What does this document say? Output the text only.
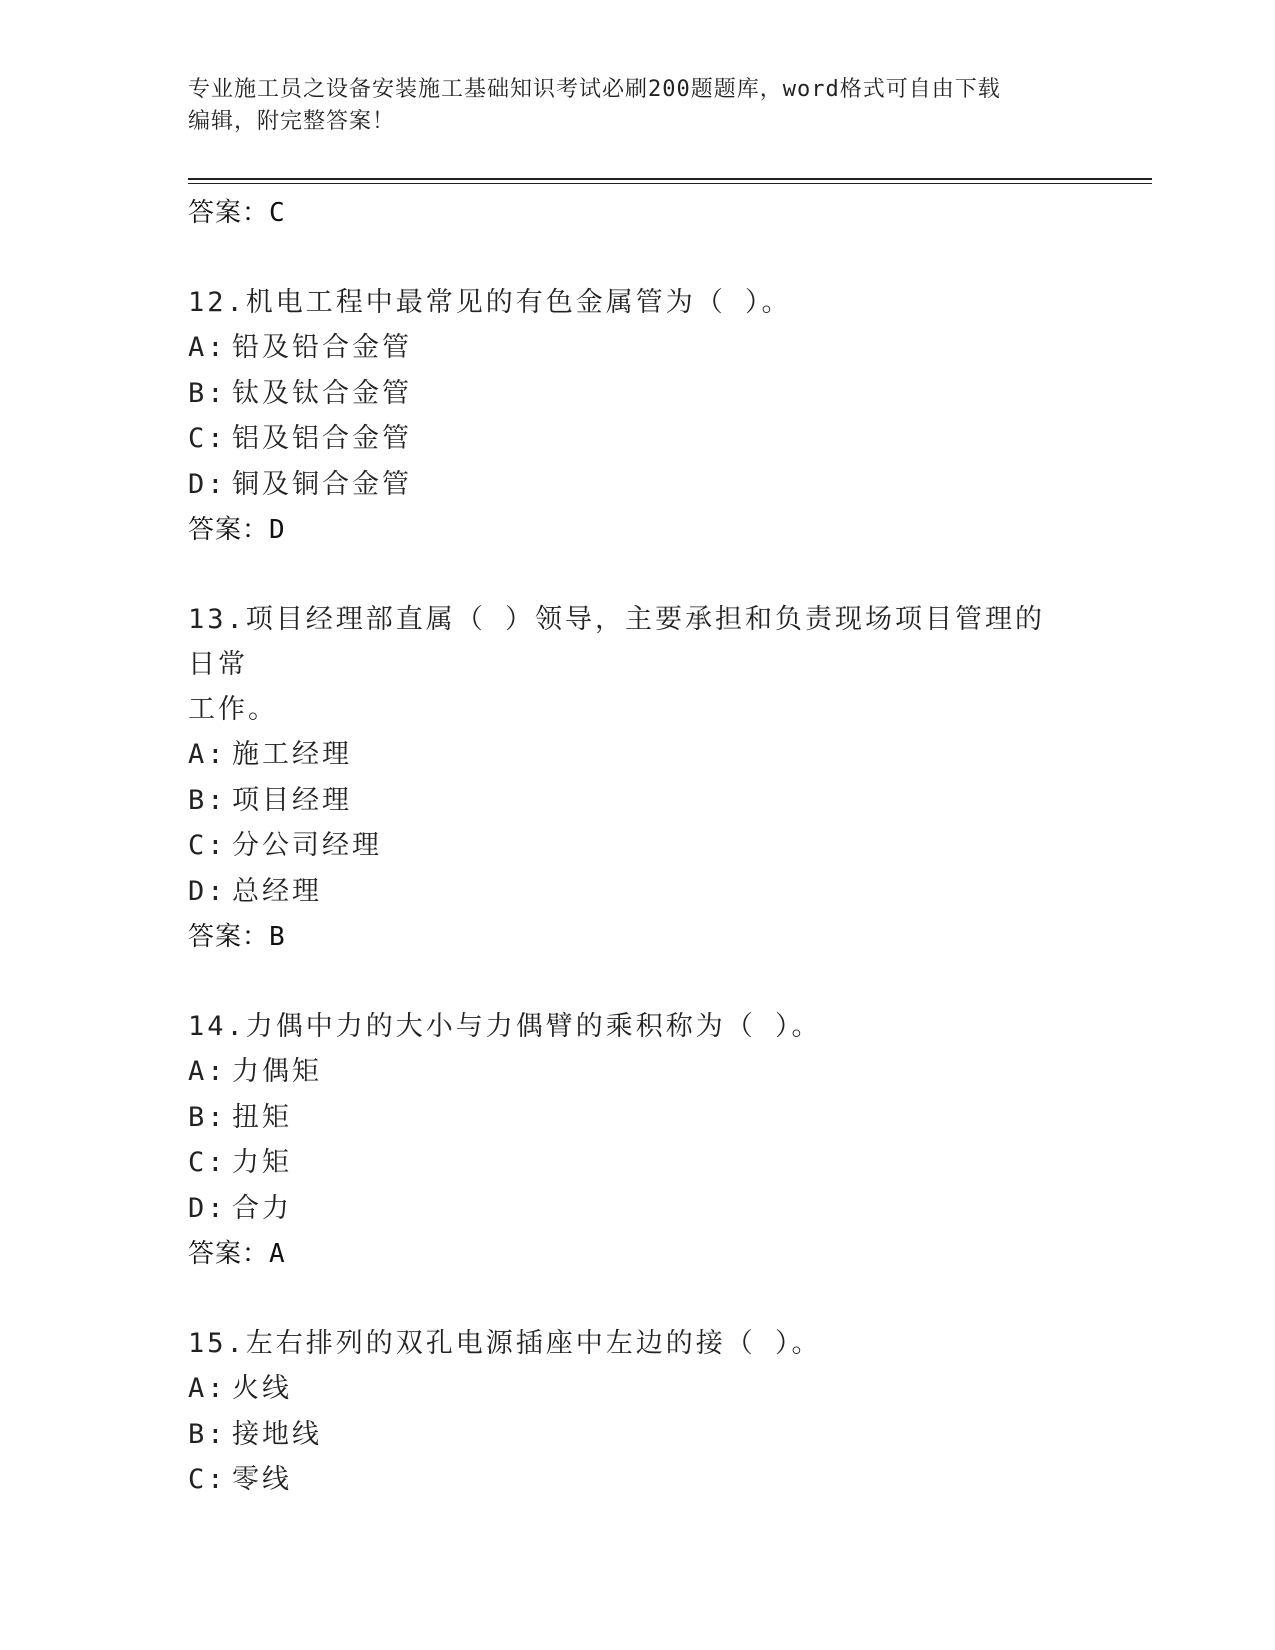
专业施工员之设备安装施工基础知识考试必刷200题题库，word格式可自由下载
编辑，附完整答案！
答案：C
12.机电工程中最常见的有色金属管为（ ）。
A: 铅及铅合金管
B: 钛及钛合金管
C: 铝及铝合金管
D: 铜及铜合金管
答案：D
13.项目经理部直属（ ）领导，主要承担和负责现场项目管理的日常
工作。
A: 施工经理
B: 项目经理
C: 分公司经理
D: 总经理
答案：B
14.力偶中力的大小与力偶臂的乘积称为（ ）。
A: 力偶矩
B: 扭矩
C: 力矩
D: 合力
答案：A
15.左右排列的双孔电源插座中左边的接（ ）。
A: 火线
B: 接地线
C: 零线
